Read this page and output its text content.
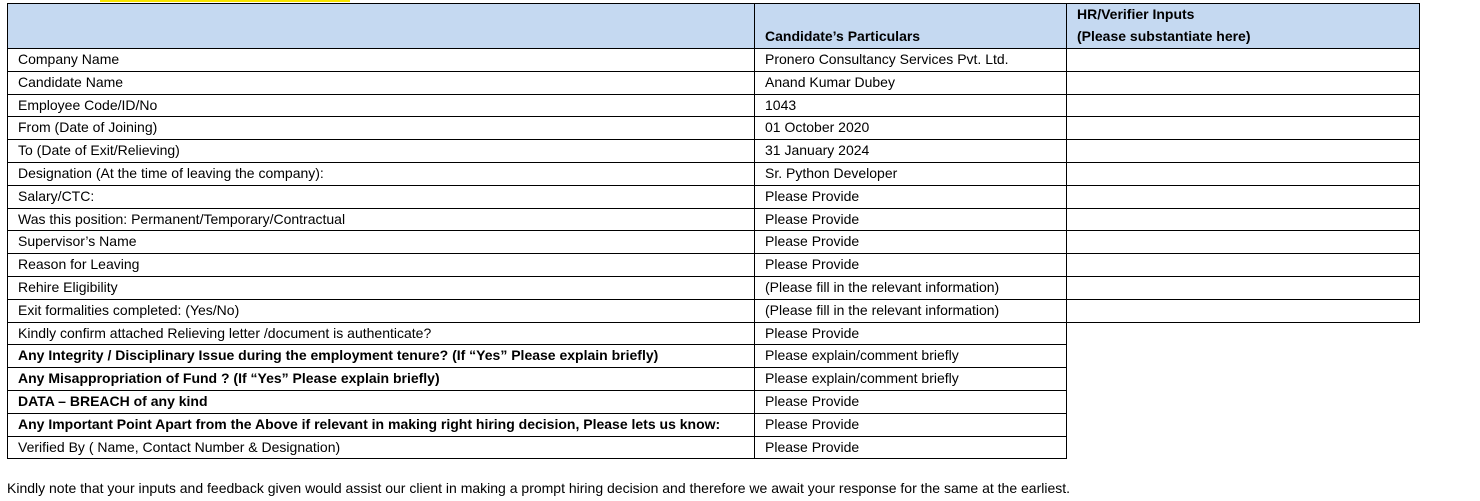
	Candidate’s Particulars	HR/Verifier Inputs
(Please substantiate here)

Company Name	Pronero Consultancy Services Pvt. Ltd.	
Candidate Name	Anand Kumar Dubey	
Employee Code/ID/No	1043	
From (Date of Joining)	01 October 2020	
To (Date of Exit/Relieving)	31 January 2024	
Designation (At the time of leaving the company):	Sr. Python Developer	
Salary/CTC:	Please Provide	
Was this position: Permanent/Temporary/Contractual	Please Provide	
Supervisor’s Name	Please Provide	
Reason for Leaving	Please Provide	
Rehire Eligibility	(Please fill in the relevant information)	
Exit formalities completed: (Yes/No)	(Please fill in the relevant information)	
Kindly confirm attached Relieving letter /document is authenticate?	Please Provide	
Any Integrity / Disciplinary Issue during the employment tenure? (If “Yes” Please explain briefly)	Please explain/comment briefly	
Any Misappropriation of Fund ? (If “Yes” Please explain briefly)	Please explain/comment briefly	
DATA – BREACH of any kind	Please Provide	
Any Important Point Apart from the Above if relevant in making right hiring decision, Please lets us know:	Please Provide	
Verified By ( Name, Contact Number & Designation)	Please Provide	
Kindly note that your inputs and feedback given would assist our client in making a prompt hiring decision and therefore we await your response for the same at the earliest.
